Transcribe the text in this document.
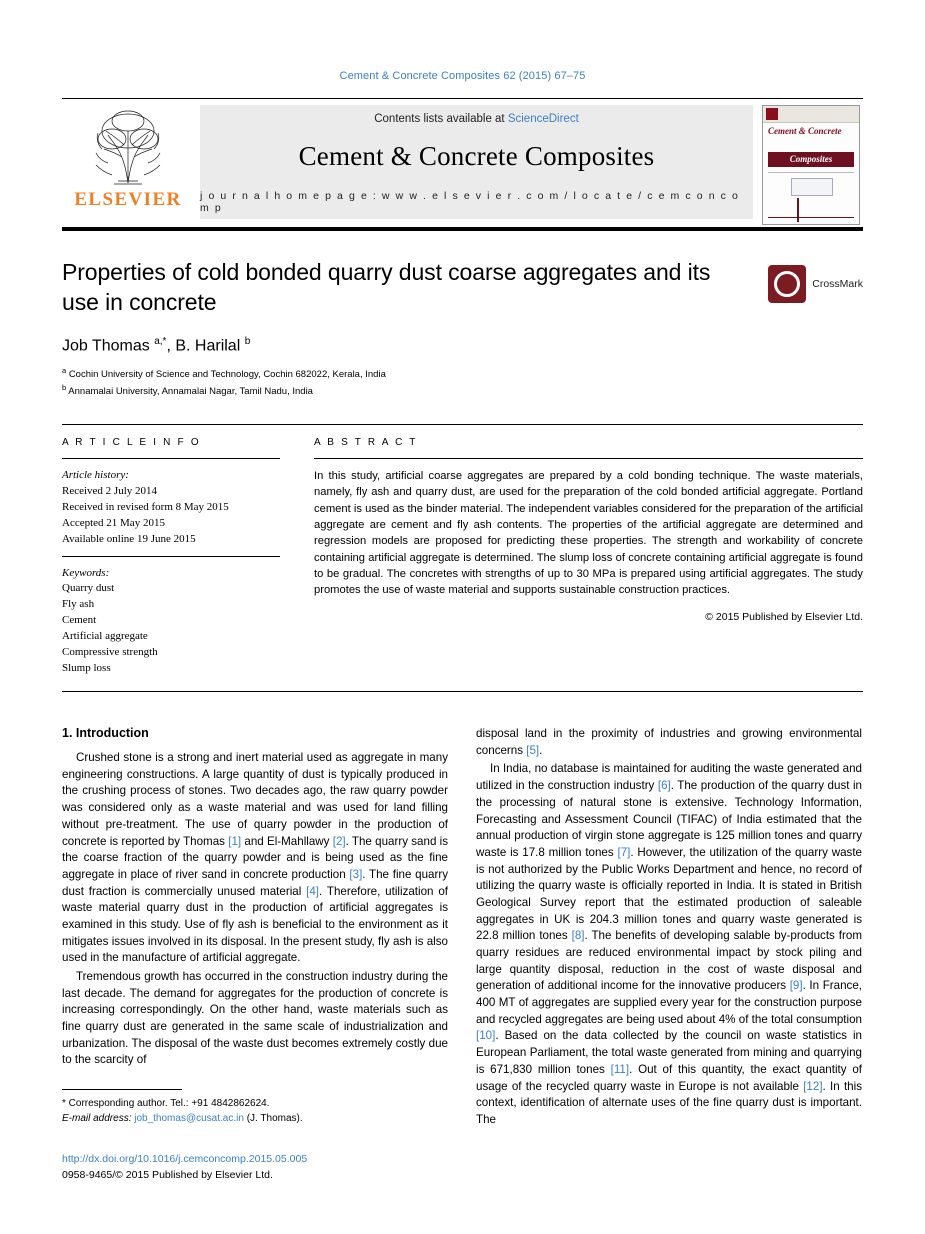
Cement & Concrete Composites 62 (2015) 67–75
ELSEVIER
Contents lists available at ScienceDirect
Cement & Concrete Composites
j o u r n a l h o m e p a g e : w w w . e l s e v i e r . c o m / l o c a t e / c e m c o n c o m p
Cement & Concrete
Composites
Properties of cold bonded quarry dust coarse aggregates and its use in concrete
CrossMark
Job Thomas $^{a,*}$, B. Harilal $^b$
$^a$ Cochin University of Science and Technology, Cochin 682022, Kerala, India
$^b$ Annamalai University, Annamalai Nagar, Tamil Nadu, India
A R T I C L E I N F O
Article history:
Received 2 July 2014
Received in revised form 8 May 2015
Accepted 21 May 2015
Available online 19 June 2015
Keywords:
Quarry dust
Fly ash
Cement
Artificial aggregate
Compressive strength
Slump loss
A B S T R A C T
In this study, artificial coarse aggregates are prepared by a cold bonding technique. The waste materials, namely, fly ash and quarry dust, are used for the preparation of the cold bonded artificial aggregate. Portland cement is used as the binder material. The independent variables considered for the preparation of the artificial aggregate are cement and fly ash contents. The properties of the artificial aggregate are determined and regression models are proposed for predicting these properties. The strength and workability of concrete containing artificial aggregate is determined. The slump loss of concrete containing artificial aggregate is found to be gradual. The concretes with strengths of up to 30 MPa is prepared using artificial aggregates. The study promotes the use of waste material and supports sustainable construction practices.
© 2015 Published by Elsevier Ltd.
1. Introduction

Crushed stone is a strong and inert material used as aggregate in many engineering constructions. A large quantity of dust is typically produced in the crushing process of stones. Two decades ago, the raw quarry powder was considered only as a waste material and was used for land filling without pre-treatment. The use of quarry powder in the production of concrete is reported by Thomas [1] and El-Mahllawy [2]. The quarry sand is the coarse fraction of the quarry powder and is being used as the fine aggregate in place of river sand in concrete production [3]. The fine quarry dust fraction is commercially unused material [4]. Therefore, utilization of waste material quarry dust in the production of artificial aggregates is examined in this study. Use of fly ash is beneficial to the environment as it mitigates issues involved in its disposal. In the present study, fly ash is also used in the manufacture of artificial aggregate.

Tremendous growth has occurred in the construction industry during the last decade. The demand for aggregates for the production of concrete is increasing correspondingly. On the other hand, waste materials such as fine quarry dust are generated in the same scale of industrialization and urbanization. The disposal of the waste dust becomes extremely costly due to the scarcity of

* Corresponding author. Tel.: +91 4842862624.
E-mail address: job_thomas@cusat.ac.in (J. Thomas).
http://dx.doi.org/10.1016/j.cemconcomp.2015.05.005
0958-9465/© 2015 Published by Elsevier Ltd.

disposal land in the proximity of industries and growing environmental concerns [5].

In India, no database is maintained for auditing the waste generated and utilized in the construction industry [6]. The production of the quarry dust in the processing of natural stone is extensive. Technology Information, Forecasting and Assessment Council (TIFAC) of India estimated that the annual production of virgin stone aggregate is 125 million tones and quarry waste is 17.8 million tones [7]. However, the utilization of the quarry waste is not authorized by the Public Works Department and hence, no record of utilizing the quarry waste is officially reported in India. It is stated in British Geological Survey report that the estimated production of saleable aggregates in UK is 204.3 million tones and quarry waste generated is 22.8 million tones [8]. The benefits of developing salable by-products from quarry residues are reduced environmental impact by stock piling and large quantity disposal, reduction in the cost of waste disposal and generation of additional income for the innovative producers [9]. In France, 400 MT of aggregates are supplied every year for the construction purpose and recycled aggregates are being used about 4% of the total consumption [10]. Based on the data collected by the council on waste statistics in European Parliament, the total waste generated from mining and quarrying is 671,830 million tones [11]. Out of this quantity, the exact quantity of usage of the recycled quarry waste in Europe is not available [12]. In this context, identification of alternate uses of the fine quarry dust is important. The
